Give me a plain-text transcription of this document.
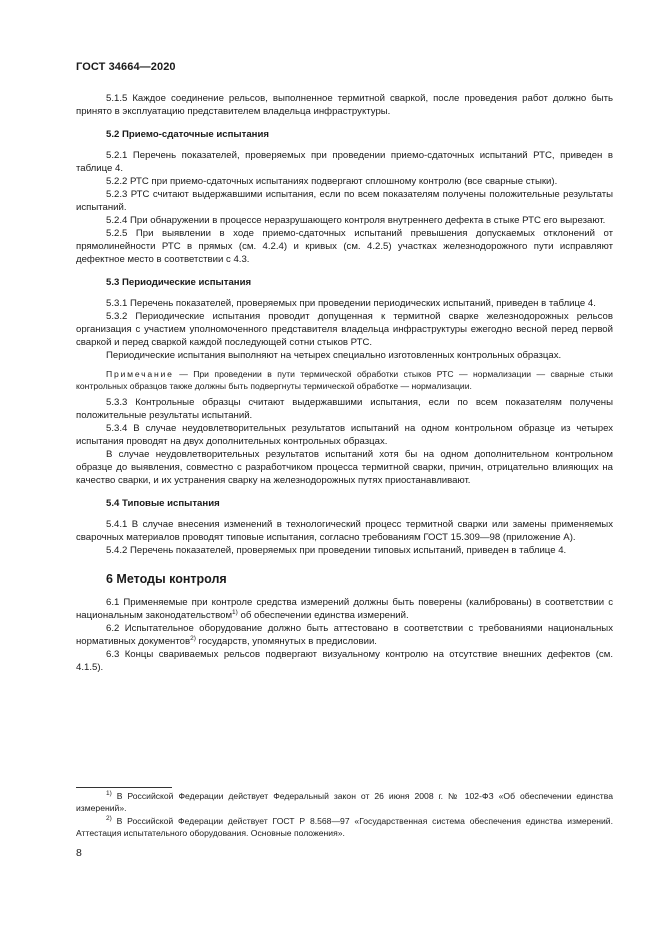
ГОСТ 34664—2020

5.1.5 Каждое соединение рельсов, выполненное термитной сваркой, после проведения работ должно быть принято в эксплуатацию представителем владельца инфраструктуры.

5.2 Приемо-сдаточные испытания

5.2.1 Перечень показателей, проверяемых при проведении приемо-сдаточных испытаний РТС, приведен в таблице 4.

5.2.2 РТС при приемо-сдаточных испытаниях подвергают сплошному контролю (все сварные стыки).

5.2.3 РТС считают выдержавшими испытания, если по всем показателям получены положительные результаты испытаний.

5.2.4 При обнаружении в процессе неразрушающего контроля внутреннего дефекта в стыке РТС его вырезают.

5.2.5 При выявлении в ходе приемо-сдаточных испытаний превышения допускаемых отклонений от прямолинейности РТС в прямых (см. 4.2.4) и кривых (см. 4.2.5) участках железнодорожного пути исправляют дефектное место в соответствии с 4.3.

5.3 Периодические испытания

5.3.1 Перечень показателей, проверяемых при проведении периодических испытаний, приведен в таблице 4.

5.3.2 Периодические испытания проводит допущенная к термитной сварке железнодорожных рельсов организация с участием уполномоченного представителя владельца инфраструктуры ежегодно весной перед первой сваркой и перед сваркой каждой последующей сотни стыков РТС.

Периодические испытания выполняют на четырех специально изготовленных контрольных образцах.

Примечание — При проведении в пути термической обработки стыков РТС — нормализации — сварные стыки контрольных образцов также должны быть подвергнуты термической обработке — нормализации.

5.3.3 Контрольные образцы считают выдержавшими испытания, если по всем показателям получены положительные результаты испытаний.

5.3.4 В случае неудовлетворительных результатов испытаний на одном контрольном образце из четырех испытания проводят на двух дополнительных контрольных образцах.

В случае неудовлетворительных результатов испытаний хотя бы на одном дополнительном контрольном образце до выявления, совместно с разработчиком процесса термитной сварки, причин, отрицательно влияющих на качество сварки, и их устранения сварку на железнодорожных путях приостанавливают.

5.4 Типовые испытания

5.4.1 В случае внесения изменений в технологический процесс термитной сварки или замены применяемых сварочных материалов проводят типовые испытания, согласно требованиям ГОСТ 15.309—98 (приложение А).

5.4.2 Перечень показателей, проверяемых при проведении типовых испытаний, приведен в таблице 4.

6 Методы контроля

6.1 Применяемые при контроле средства измерений должны быть поверены (калиброваны) в соответствии с национальным законодательством$^{1)}$ об обеспечении единства измерений.

6.2 Испытательное оборудование должно быть аттестовано в соответствии с требованиями национальных нормативных документов$^{2)}$ государств, упомянутых в предисловии.

6.3 Концы свариваемых рельсов подвергают визуальному контролю на отсутствие внешних дефектов (см. 4.1.5).

$^{1)}$ В Российской Федерации действует Федеральный закон от 26 июня 2008 г. № 102-ФЗ «Об обеспечении единства измерений».

$^{2)}$ В Российской Федерации действует ГОСТ Р 8.568—97 «Государственная система обеспечения единства измерений. Аттестация испытательного оборудования. Основные положения».

8
